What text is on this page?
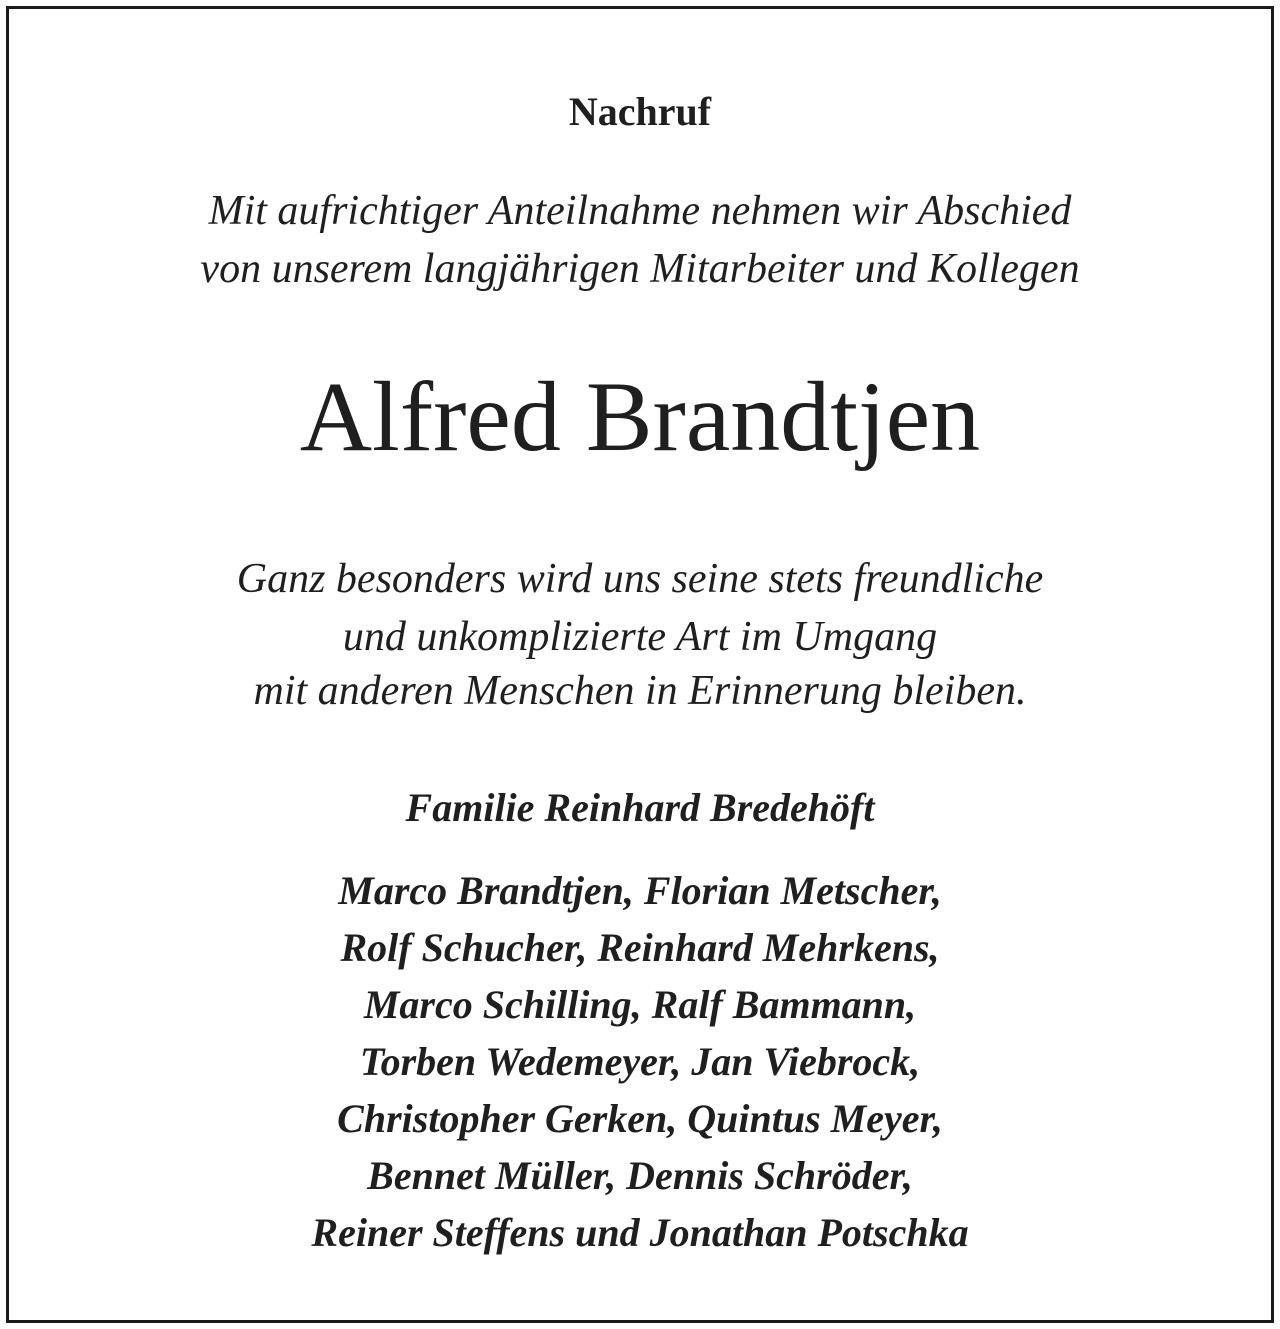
Nachruf
Mit aufrichtiger Anteilnahme nehmen wir Abschied
von unserem langjährigen Mitarbeiter und Kollegen
Alfred Brandtjen
Ganz besonders wird uns seine stets freundliche
und unkomplizierte Art im Umgang
mit anderen Menschen in Erinnerung bleiben.
Familie Reinhard Bredehöft
Marco Brandtjen, Florian Metscher,
Rolf Schucher, Reinhard Mehrkens,
Marco Schilling, Ralf Bammann,
Torben Wedemeyer, Jan Viebrock,
Christopher Gerken, Quintus Meyer,
Bennet Müller, Dennis Schröder,
Reiner Steffens und Jonathan Potschka
